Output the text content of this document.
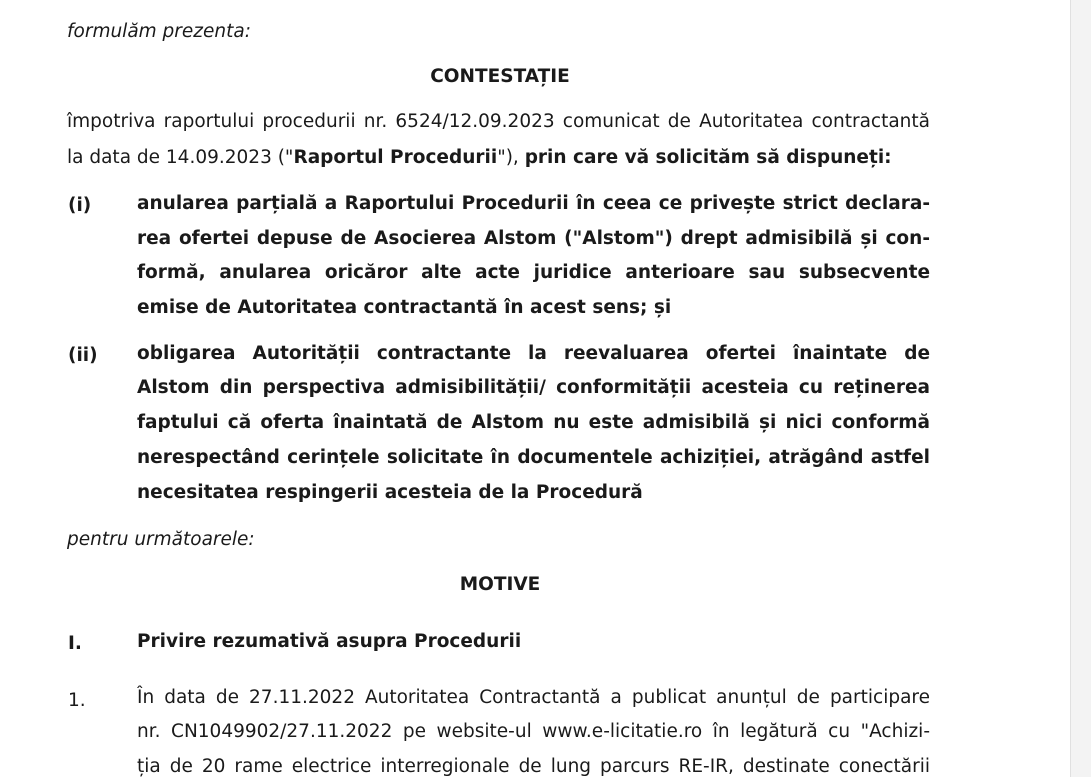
formulăm prezenta:
CONTESTAȚIE
împotriva raportului procedurii nr. 6524/12.09.2023 comunicat de Autoritatea contractantă
la data de 14.09.2023 ("Raportul Procedurii"), prin care vă solicităm să dispuneți:
(i) anularea parțială a Raportului Procedurii în ceea ce privește strict declara-
rea ofertei depuse de Asocierea Alstom ("Alstom") drept admisibilă și con-
formă, anularea oricăror alte acte juridice anterioare sau subsecvente
emise de Autoritatea contractantă în acest sens; și
(ii) obligarea Autorității contractante la reevaluarea ofertei înaintate de
Alstom din perspectiva admisibilității/ conformității acesteia cu reținerea
faptului că oferta înaintată de Alstom nu este admisibilă și nici conformă
nerespectând cerințele solicitate în documentele achiziției, atrăgând astfel
necesitatea respingerii acesteia de la Procedură
pentru următoarele:
MOTIVE
I.	Privire rezumativă asupra Procedurii
1.	În data de 27.11.2022 Autoritatea Contractantă a publicat anunțul de participare
nr. CN1049902/27.11.2022 pe website-ul www.e-licitatie.ro în legătură cu "Achizi-
ția de 20 rame electrice interregionale de lung parcurs RE-IR, destinate conectării
